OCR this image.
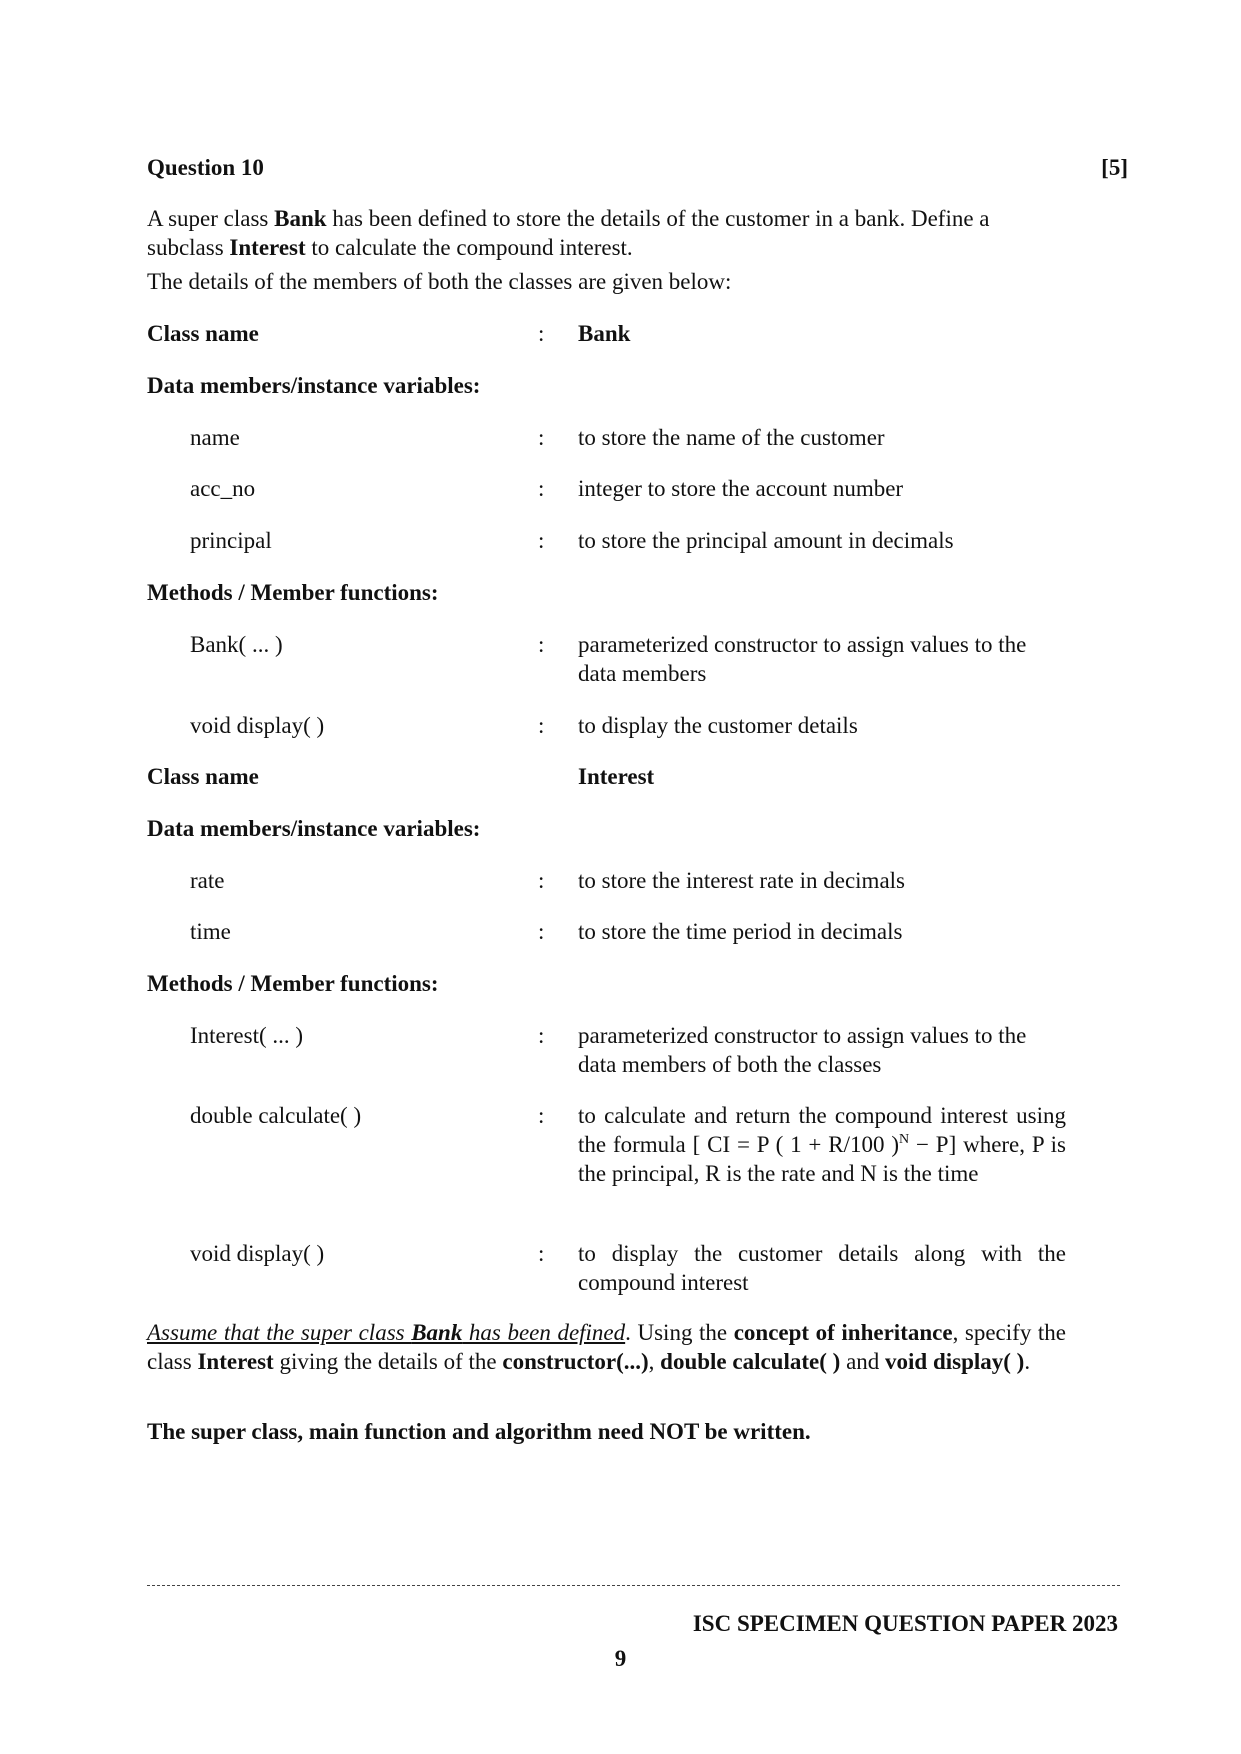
Question 10	[5]
A super class Bank has been defined to store the details of the customer in a bank. Define a
subclass Interest to calculate the compound interest.
The details of the members of both the classes are given below:
Class name	: Bank
Data members/instance variables:
name	: to store the name of the customer
acc_no	: integer to store the account number
principal	: to store the principal amount in decimals
Methods / Member functions:
Bank( ... )	: parameterized constructor to assign values to the data members
void display( )	: to display the customer details
Class name	Interest
Data members/instance variables:
rate	: to store the interest rate in decimals
time	: to store the time period in decimals
Methods / Member functions:
Interest( ... )	: parameterized constructor to assign values to the data members of both the classes
double calculate( )	: to calculate and return the compound interest using the formula [ CI = P ( 1 + R/100 )$^N$ − P] where, P is the principal, R is the rate and N is the time
void display( )	: to display the customer details along with the compound interest
Assume that the super class Bank has been defined. Using the concept of inheritance, specify the class Interest giving the details of the constructor(...), double calculate( ) and void display( ).
The super class, main function and algorithm need NOT be written.
ISC SPECIMEN QUESTION PAPER 2023
9
